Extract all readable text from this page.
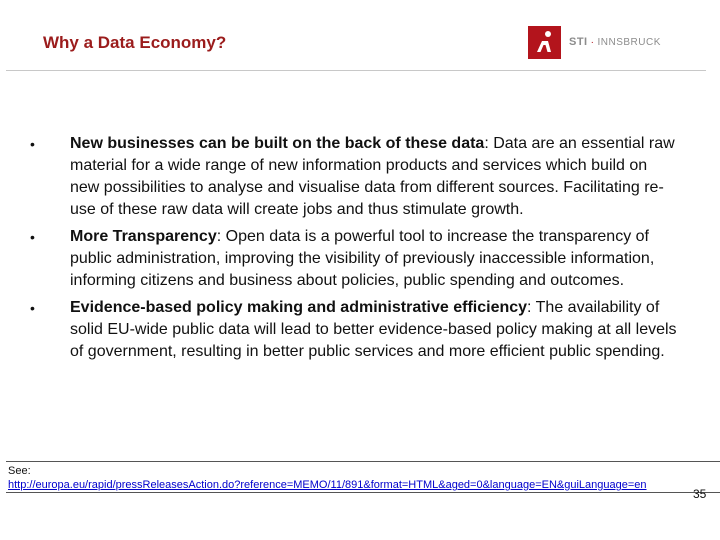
Why a Data Economy?	STI · INNSBRUCK
•	New businesses can be built on the back of these data: Data are an essential raw material for a wide range of new information products and services which build on new possibilities to analyse and visualise data from different sources. Facilitating re-use of these raw data will create jobs and thus stimulate growth.
•	More Transparency: Open data is a powerful tool to increase the transparency of public administration, improving the visibility of previously inaccessible information, informing citizens and business about policies, public spending and outcomes.
•	Evidence-based policy making and administrative efficiency: The availability of solid EU-wide public data will lead to better evidence-based policy making at all levels of government, resulting in better public services and more efficient public spending.
See:
http://europa.eu/rapid/pressReleasesAction.do?reference=MEMO/11/891&format=HTML&aged=0&language=EN&guiLanguage=en
35
